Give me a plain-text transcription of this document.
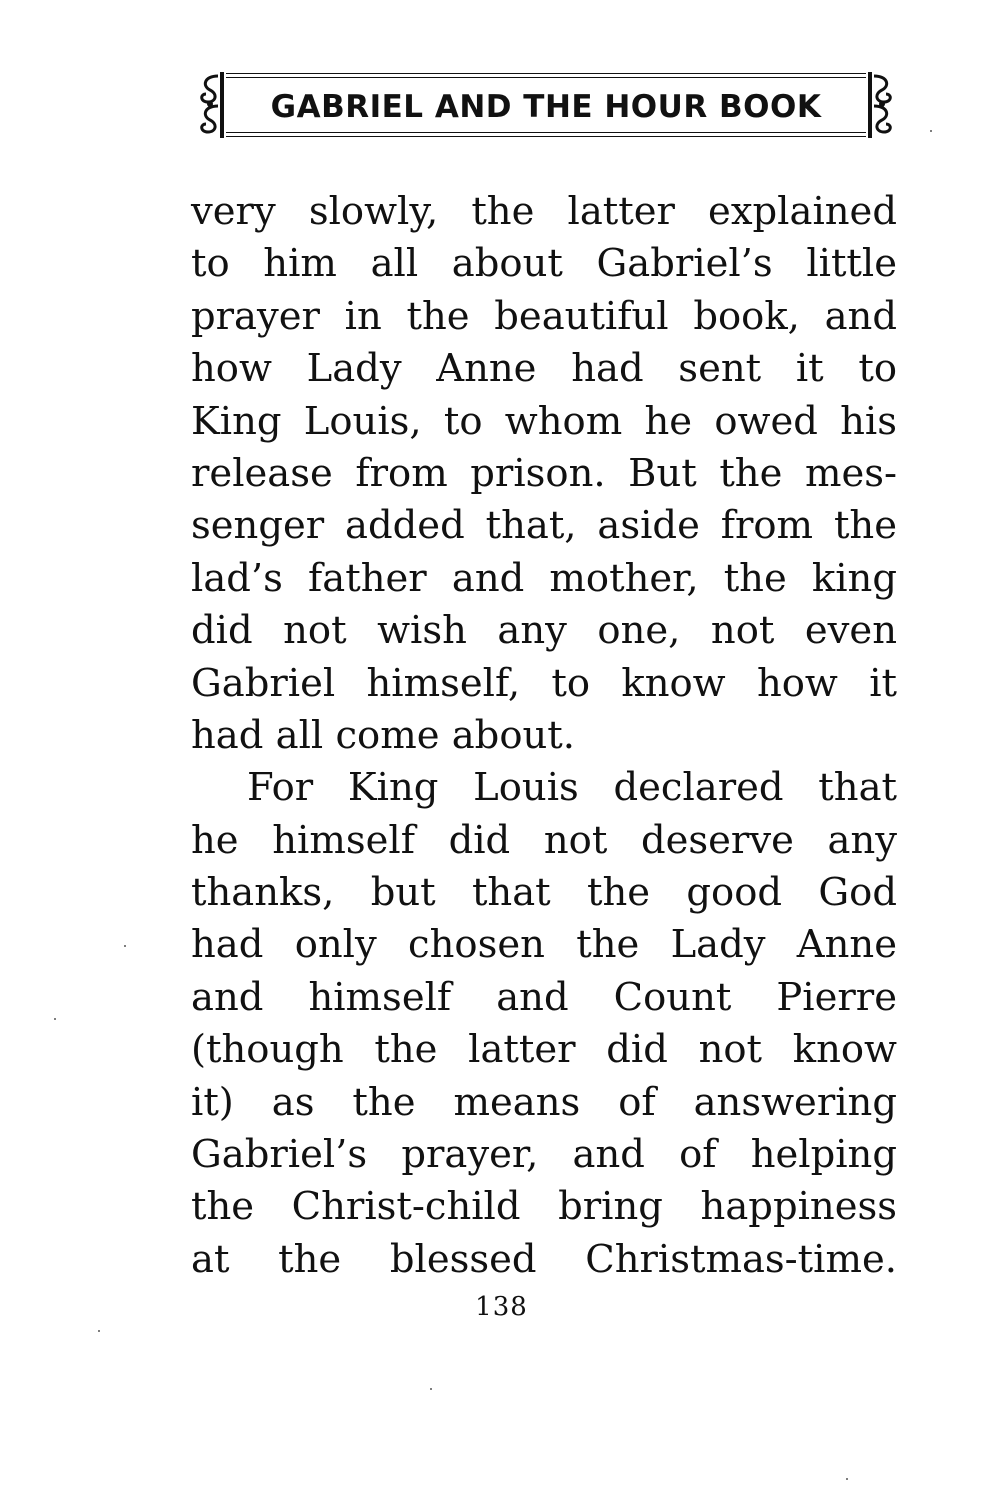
GABRIEL AND THE HOUR BOOK
very slowly, the latter explained
to him all about Gabriel’s little
prayer in the beautiful book, and
how Lady Anne had sent it to
King Louis, to whom he owed his
release from prison. But the mes-
senger added that, aside from the
lad’s father and mother, the king
did not wish any one, not even
Gabriel himself, to know how it
had all come about.
For King Louis declared that
he himself did not deserve any
thanks, but that the good God
had only chosen the Lady Anne
and himself and Count Pierre
(though the latter did not know
it) as the means of answering
Gabriel’s prayer, and of helping
the Christ-child bring happiness
at the blessed Christmas-time.
138
